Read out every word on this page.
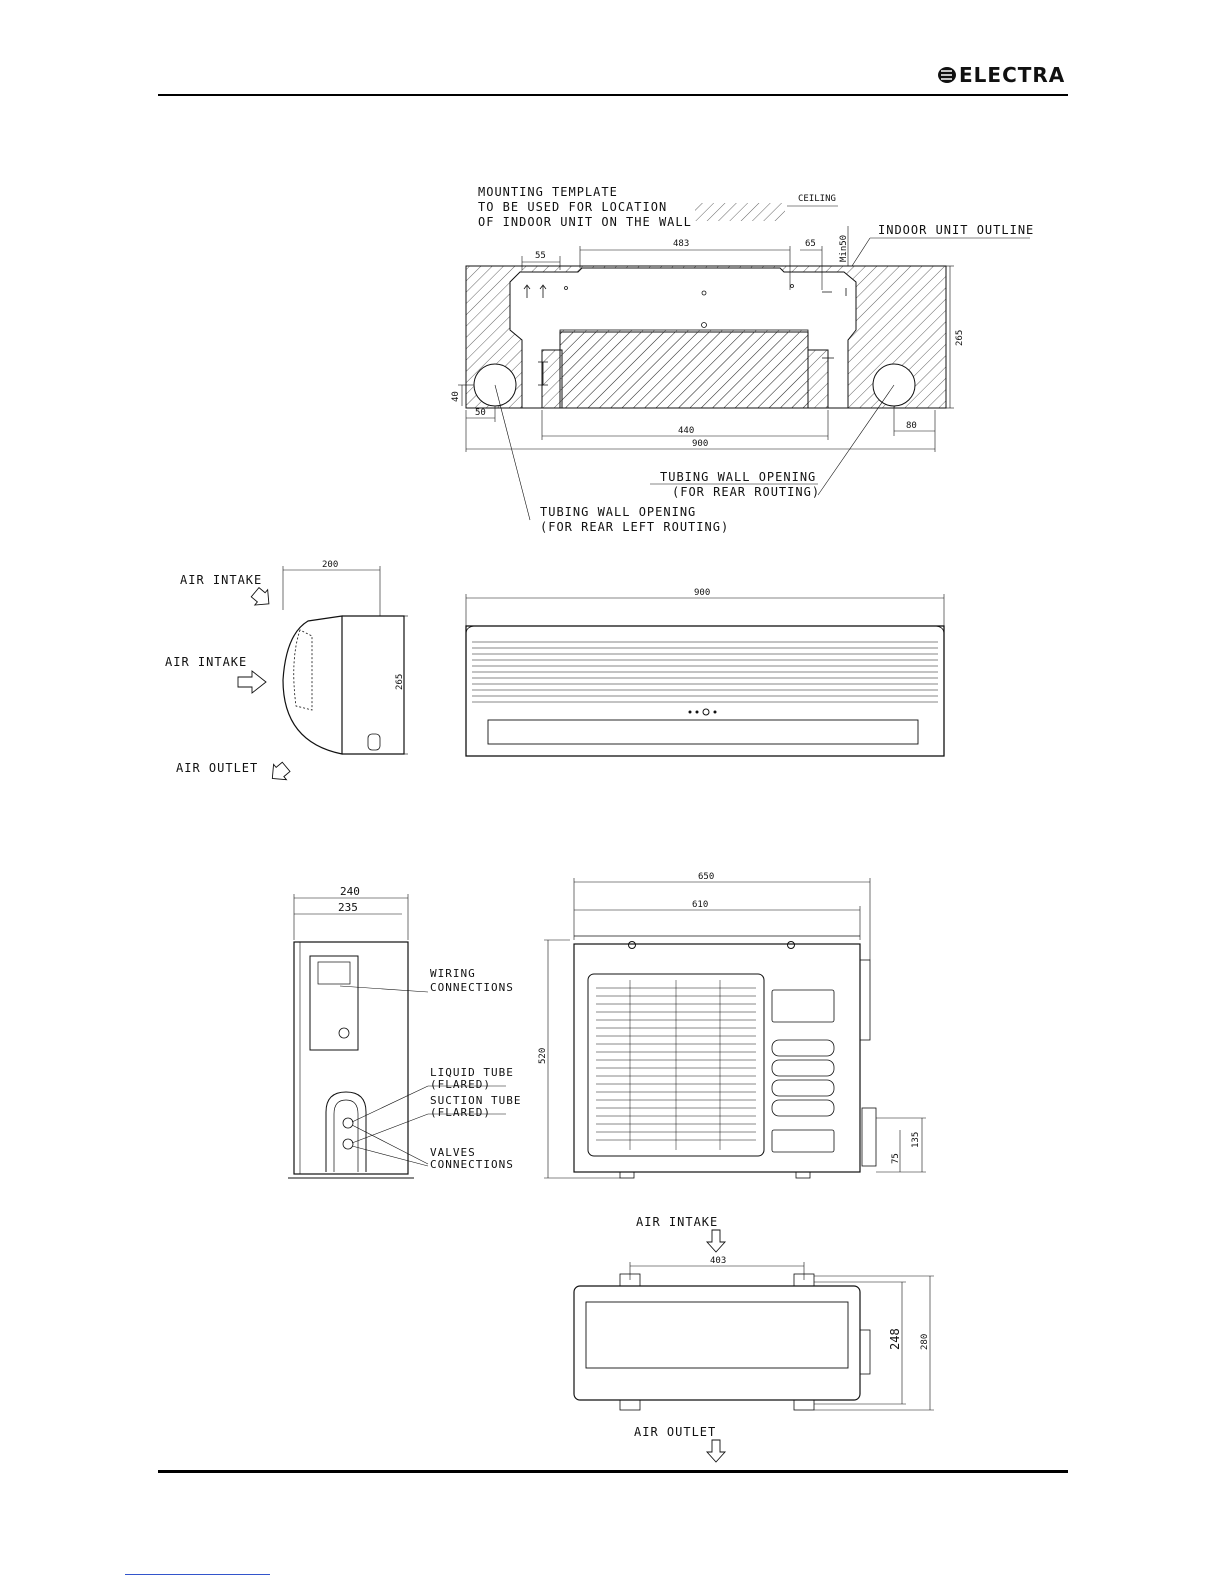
ELECTRA
MOUNTING TEMPLATE
TO BE USED FOR LOCATION
OF INDOOR UNIT ON THE WALL
CEILING
INDOOR UNIT OUTLINE
55
483	65	Min50
265
40
50
440	80
900
TUBING WALL OPENING
(FOR REAR ROUTING)
TUBING WALL OPENING
(FOR REAR LEFT ROUTING)
AIR INTAKE
AIR INTAKE
AIR OUTLET
200
265
900
240
235
WIRING
CONNECTIONS
LIQUID TUBE
(FLARED)
SUCTION TUBE
(FLARED)
VALVES
CONNECTIONS
650
610
520
135
75
AIR INTAKE
AIR OUTLET
403
248 280
